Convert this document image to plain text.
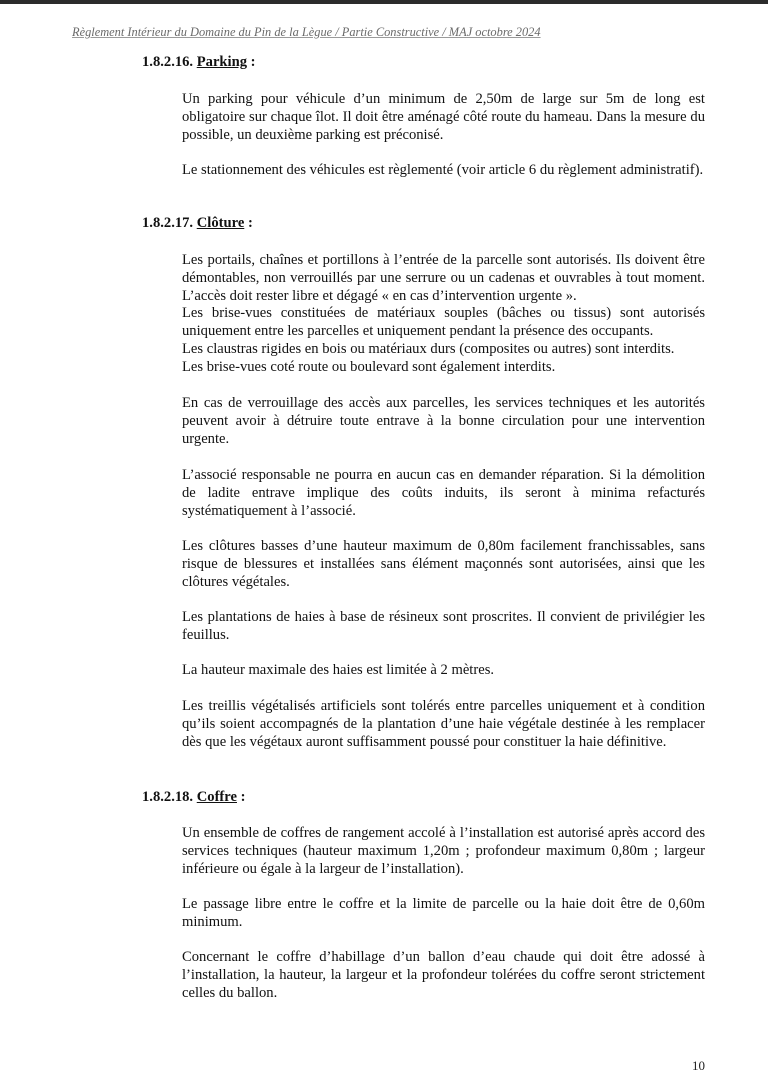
Règlement Intérieur du Domaine du Pin de la Lègue / Partie Constructive / MAJ octobre 2024
1.8.2.16. Parking :

Un parking pour véhicule d’un minimum de 2,50m de large sur 5m de long est obligatoire sur chaque îlot. Il doit être aménagé côté route du hameau. Dans la mesure du possible, un deuxième parking est préconisé.

Le stationnement des véhicules est règlementé (voir article 6 du règlement administratif).

1.8.2.17. Clôture :
Les portails, chaînes et portillons à l’entrée de la parcelle sont autorisés. Ils doivent être démontables, non verrouillés par une serrure ou un cadenas et ouvrables à tout moment. L’accès doit rester libre et dégagé « en cas d’intervention urgente ».
Les brise-vues constituées de matériaux souples (bâches ou tissus) sont autorisés uniquement entre les parcelles et uniquement pendant la présence des occupants.
Les claustras rigides en bois ou matériaux durs (composites ou autres) sont interdits.
Les brise-vues coté route ou boulevard sont également interdits.

En cas de verrouillage des accès aux parcelles, les services techniques et les autorités peuvent avoir à détruire toute entrave à la bonne circulation pour une intervention urgente.

L’associé responsable ne pourra en aucun cas en demander réparation. Si la démolition de ladite entrave implique des coûts induits, ils seront à minima refacturés systématiquement à l’associé.

Les clôtures basses d’une hauteur maximum de 0,80m facilement franchissables, sans risque de blessures et installées sans élément maçonnés sont autorisées, ainsi que les clôtures végétales.

Les plantations de haies à base de résineux sont proscrites. Il convient de privilégier les feuillus.

La hauteur maximale des haies est limitée à 2 mètres.

Les treillis végétalisés artificiels sont tolérés entre parcelles uniquement et à condition qu’ils soient accompagnés de la plantation d’une haie végétale destinée à les remplacer dès que les végétaux auront suffisamment poussé pour constituer la haie définitive.

1.8.2.18. Coffre :

Un ensemble de coffres de rangement accolé à l’installation est autorisé après accord des services techniques (hauteur maximum 1,20m ; profondeur maximum 0,80m ; largeur inférieure ou égale à la largeur de l’installation).

Le passage libre entre le coffre et la limite de parcelle ou la haie doit être de 0,60m minimum.

Concernant le coffre d’habillage d’un ballon d’eau chaude qui doit être adossé à l’installation, la hauteur, la largeur et la profondeur tolérées du coffre seront strictement celles du ballon.

10
